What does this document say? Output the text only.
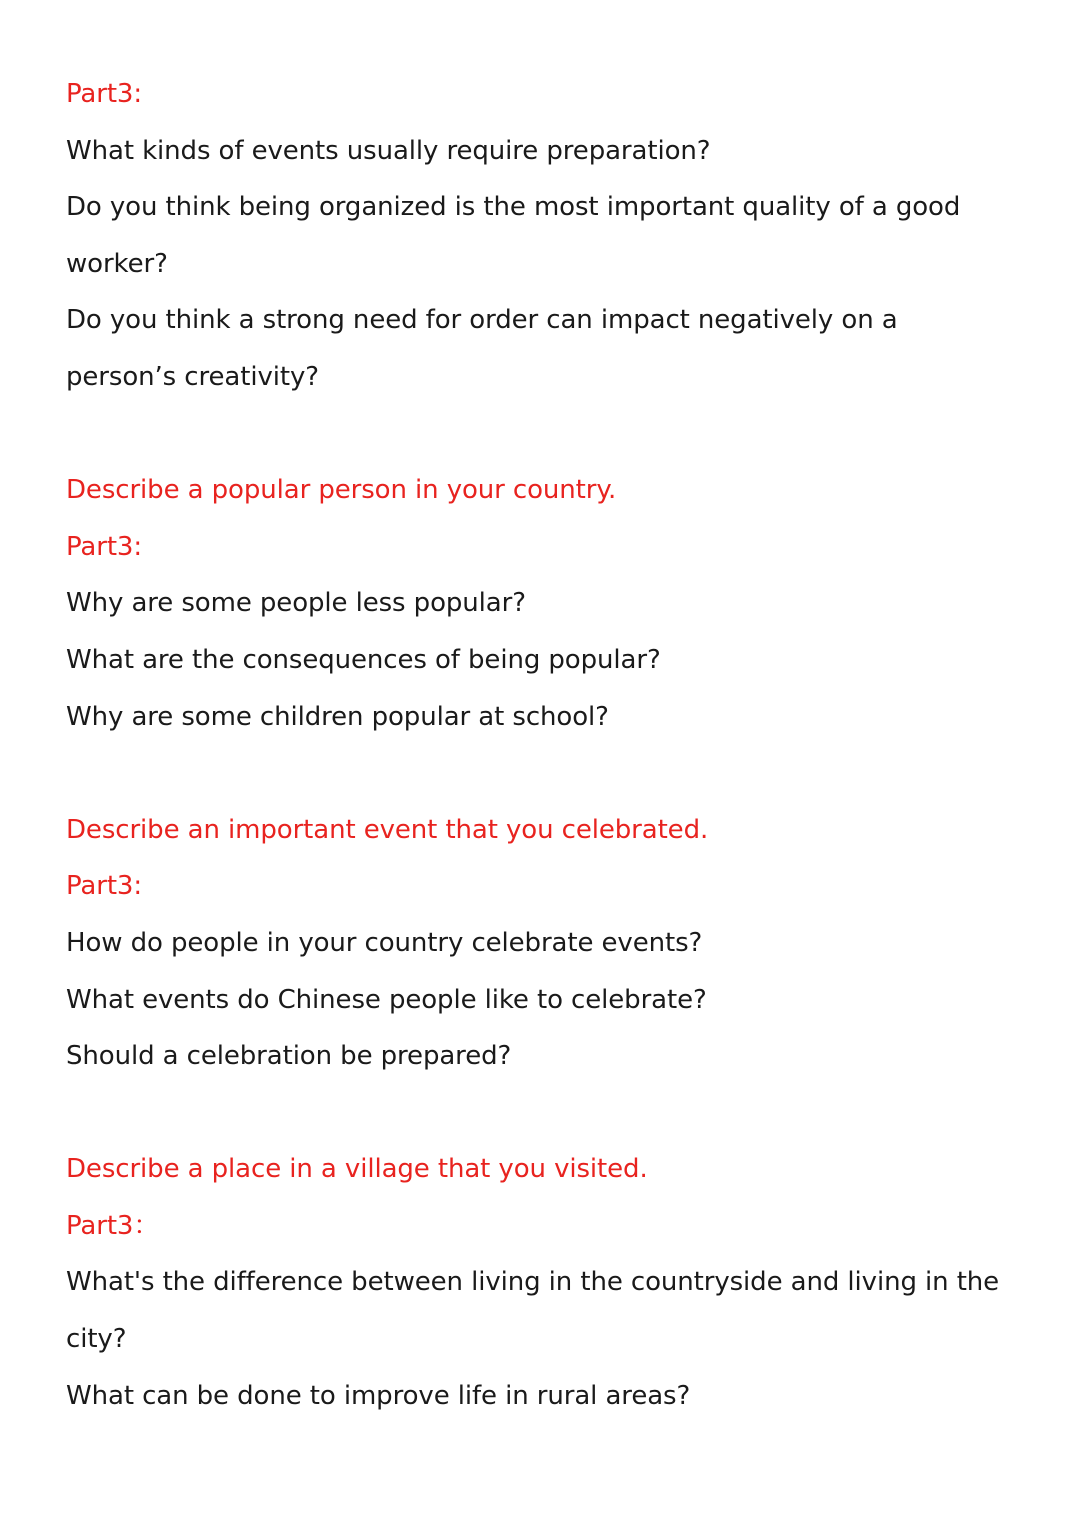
Part3:
What kinds of events usually require preparation?
Do you think being organized is the most important quality of a good
worker?
Do you think a strong need for order can impact negatively on a
person’s creativity?
Describe a popular person in your country.
Part3:
Why are some people less popular?
What are the consequences of being popular?
Why are some children popular at school?
Describe an important event that you celebrated.
Part3:
How do people in your country celebrate events?
What events do Chinese people like to celebrate?
Should a celebration be prepared?
Describe a place in a village that you visited.
Part3：
What's the difference between living in the countryside and living in the
city?
What can be done to improve life in rural areas?
